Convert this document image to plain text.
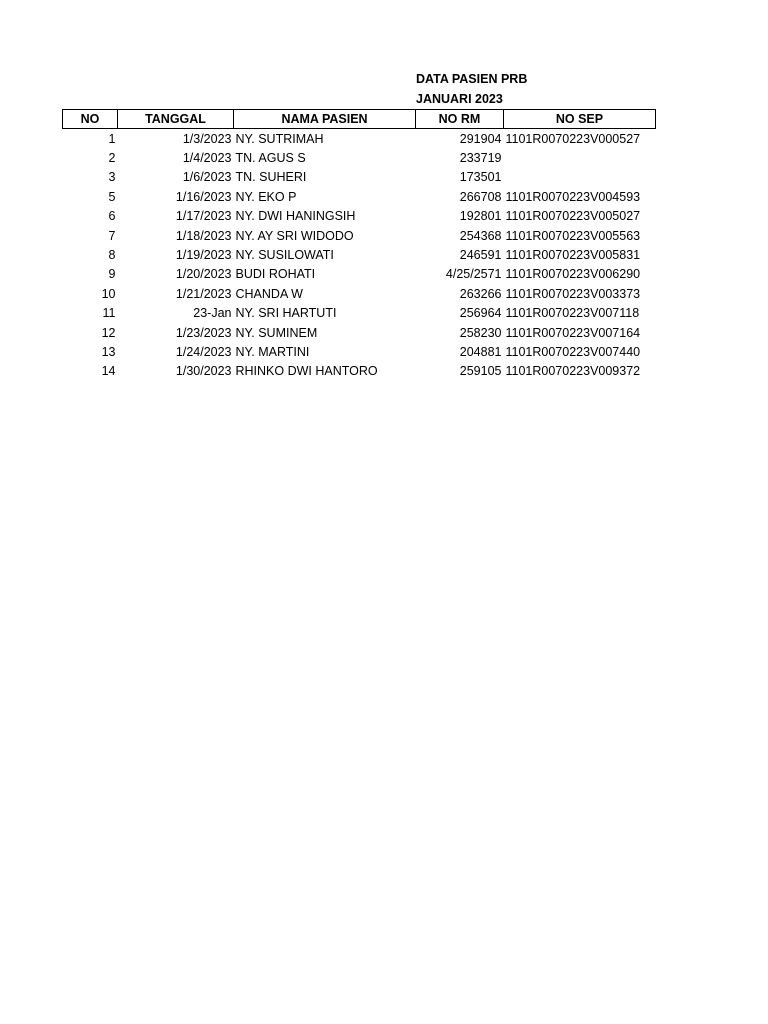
DATA PASIEN PRB
JANUARI 2023
NO	TANGGAL	NAMA PASIEN	NO RM	NO SEP
1	1/3/2023	NY. SUTRIMAH	291904	1101R0070223V000527
2	1/4/2023	TN. AGUS S	233719	
3	1/6/2023	TN. SUHERI	173501	
5	1/16/2023	NY. EKO P	266708	1101R0070223V004593
6	1/17/2023	NY. DWI HANINGSIH	192801	1101R0070223V005027
7	1/18/2023	NY. AY SRI WIDODO	254368	1101R0070223V005563
8	1/19/2023	NY. SUSILOWATI	246591	1101R0070223V005831
9	1/20/2023	BUDI ROHATI	4/25/2571	1101R0070223V006290
10	1/21/2023	CHANDA W	263266	1101R0070223V003373
11	23-Jan	NY. SRI HARTUTI	256964	1101R0070223V007118
12	1/23/2023	NY. SUMINEM	258230	1101R0070223V007164
13	1/24/2023	NY. MARTINI	204881	1101R0070223V007440
14	1/30/2023	RHINKO DWI HANTORO	259105	1101R0070223V009372
